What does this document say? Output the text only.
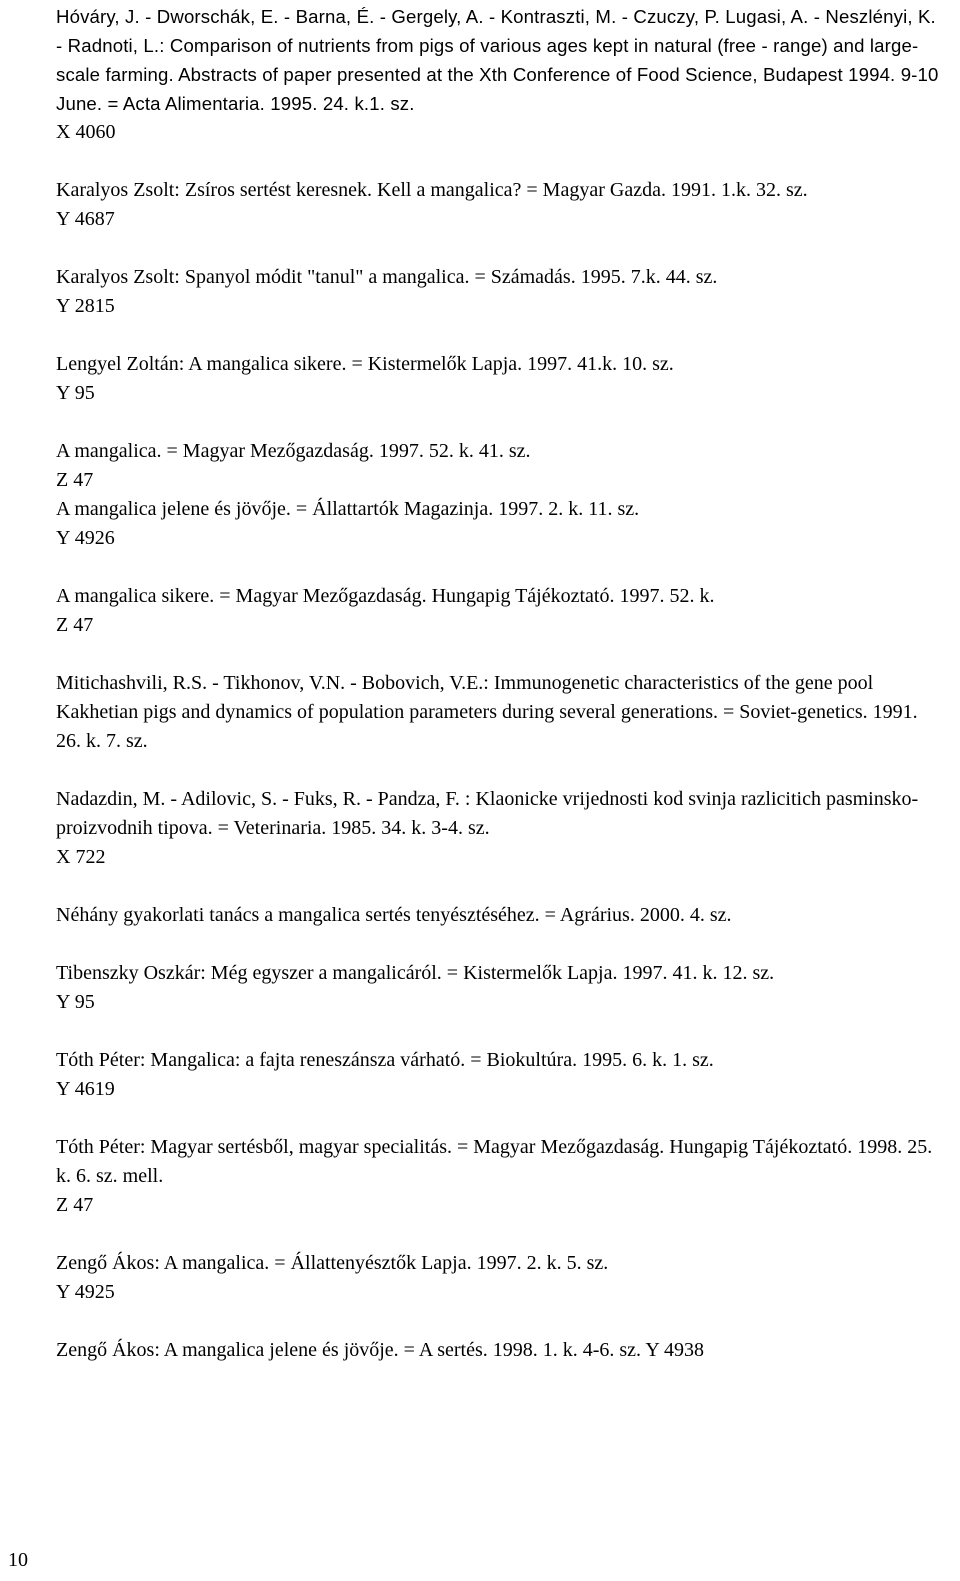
Hóváry, J. - Dworschák, E. - Barna, É. - Gergely, A. - Kontraszti, M. - Czuczy, P. Lugasi, A. - Neszlényi, K. - Radnoti, L.: Comparison of nutrients from pigs of various ages kept in natural (free - range) and large-scale farming. Abstracts of paper presented at the Xth Conference of Food Science, Budapest 1994. 9-10 June. = Acta Alimentaria. 1995. 24. k.1. sz.
X 4060
Karalyos Zsolt: Zsíros sertést keresnek. Kell a mangalica? = Magyar Gazda. 1991. 1.k. 32. sz.
Y 4687
Karalyos Zsolt: Spanyol módit "tanul" a mangalica. = Számadás. 1995. 7.k. 44. sz.
Y 2815
Lengyel Zoltán: A mangalica sikere. = Kistermelők Lapja. 1997. 41.k. 10. sz.
Y 95
A mangalica. = Magyar Mezőgazdaság. 1997. 52. k. 41. sz.
Z 47
A mangalica jelene és jövője. = Állattartók Magazinja. 1997. 2. k. 11. sz.
Y 4926
A mangalica sikere. = Magyar Mezőgazdaság. Hungapig Tájékoztató. 1997. 52. k.
Z 47
Mitichashvili, R.S. - Tikhonov, V.N. - Bobovich, V.E.: Immunogenetic characteristics of the gene pool Kakhetian pigs and dynamics of population parameters during several generations. = Soviet-genetics. 1991. 26. k. 7. sz.
Nadazdin, M. - Adilovic, S. - Fuks, R. - Pandza, F. : Klaonicke vrijednosti kod svinja razlicitich pasminsko-proizvodnih tipova. = Veterinaria. 1985. 34. k. 3-4. sz.
X 722
Néhány gyakorlati tanács a mangalica sertés tenyésztéséhez. = Agrárius. 2000. 4. sz.
Tibenszky Oszkár: Még egyszer a mangalicáról. = Kistermelők Lapja. 1997. 41. k. 12. sz.
Y 95
Tóth Péter: Mangalica: a fajta reneszánsza várható. = Biokultúra. 1995. 6. k. 1. sz.
Y 4619
Tóth Péter: Magyar sertésből, magyar specialitás. = Magyar Mezőgazdaság. Hungapig Tájékoztató. 1998. 25. k. 6. sz. mell.
Z 47
Zengő Ákos: A mangalica. = Állattenyésztők Lapja. 1997. 2. k. 5. sz.
Y 4925
Zengő Ákos: A mangalica jelene és jövője. = A sertés. 1998. 1. k. 4-6. sz. Y 4938
10
